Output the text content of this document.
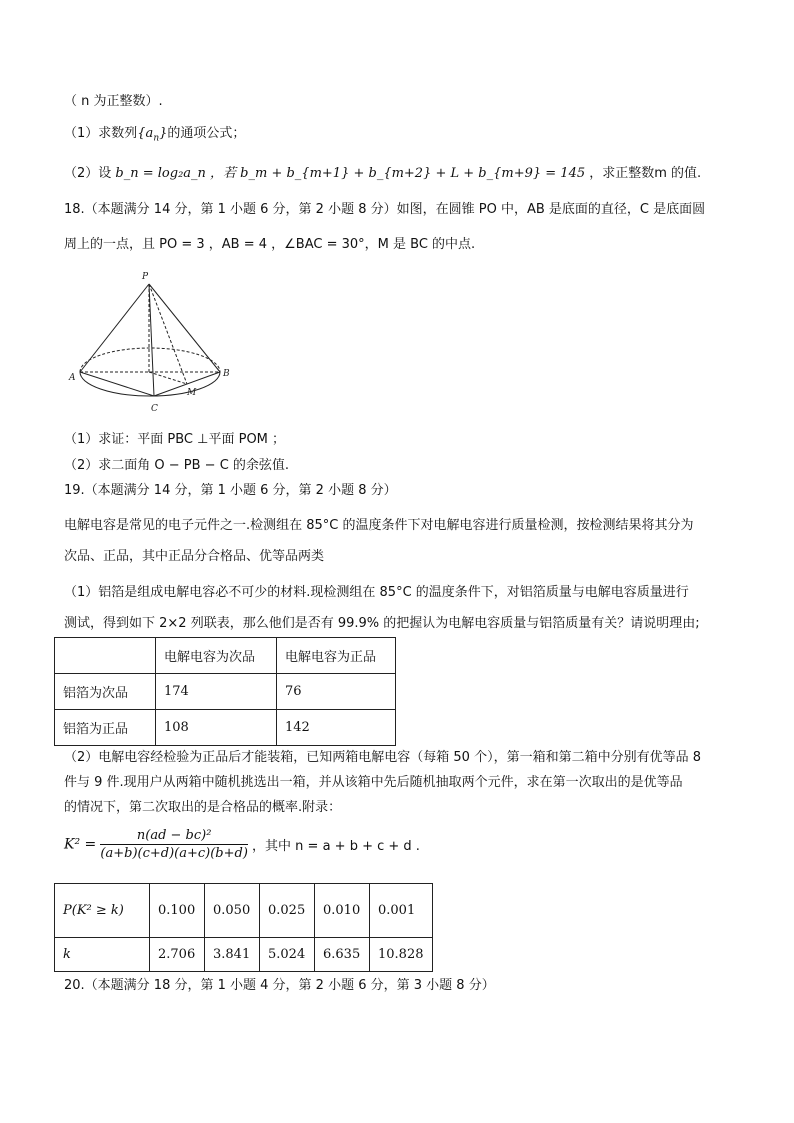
（ n 为正整数）.
（1）求数列$\{a_n\}$的通项公式；
（2）设 b_n = log₂a_n ，若 b_m + b_{m+1} + b_{m+2} + L + b_{m+9} = 145 ，求正整数m 的值.
18.（本题满分 14 分，第 1 小题 6 分，第 2 小题 8 分）如图，在圆锥 PO 中，AB 是底面的直径，C 是底面圆
周上的一点，且 PO = 3 ，AB = 4 ，∠BAC = 30°，M 是 BC 的中点.
P
A	B
C
M
（1）求证：平面 PBC ⊥平面 POM ；
（2）求二面角 O − PB − C 的余弦值.
19.（本题满分 14 分，第 1 小题 6 分，第 2 小题 8 分）
电解电容是常见的电子元件之一.检测组在 85°C 的温度条件下对电解电容进行质量检测，按检测结果将其分为
次品、正品，其中正品分合格品、优等品两类
（1）铝箔是组成电解电容必不可少的材料.现检测组在 85°C 的温度条件下，对铝箔质量与电解电容质量进行
测试，得到如下 2×2 列联表，那么他们是否有 99.9% 的把握认为电解电容质量与铝箔质量有关？请说明理由;
	电解电容为次品	电解电容为正品
铝箔为次品	174	76
铝箔为正品	108	142
（2）电解电容经检验为正品后才能装箱，已知两箱电解电容（每箱 50 个），第一箱和第二箱中分别有优等品 8
件与 9 件.现用户从两箱中随机挑选出一箱，并从该箱中先后随机抽取两个元件，求在第一次取出的是优等品
的情况下，第二次取出的是合格品的概率.附录：
$K^2 = \frac{\text{n(ad − bc)²}}{(a+b)(c+d)(a+c)(b+d)}$ ，其中 n = a + b + c + d .
P(K² ≥ k)	0.100	0.050	0.025	0.010	0.001
k	2.706	3.841	5.024	6.635	10.828
20.（本题满分 18 分，第 1 小题 4 分，第 2 小题 6 分，第 3 小题 8 分）
